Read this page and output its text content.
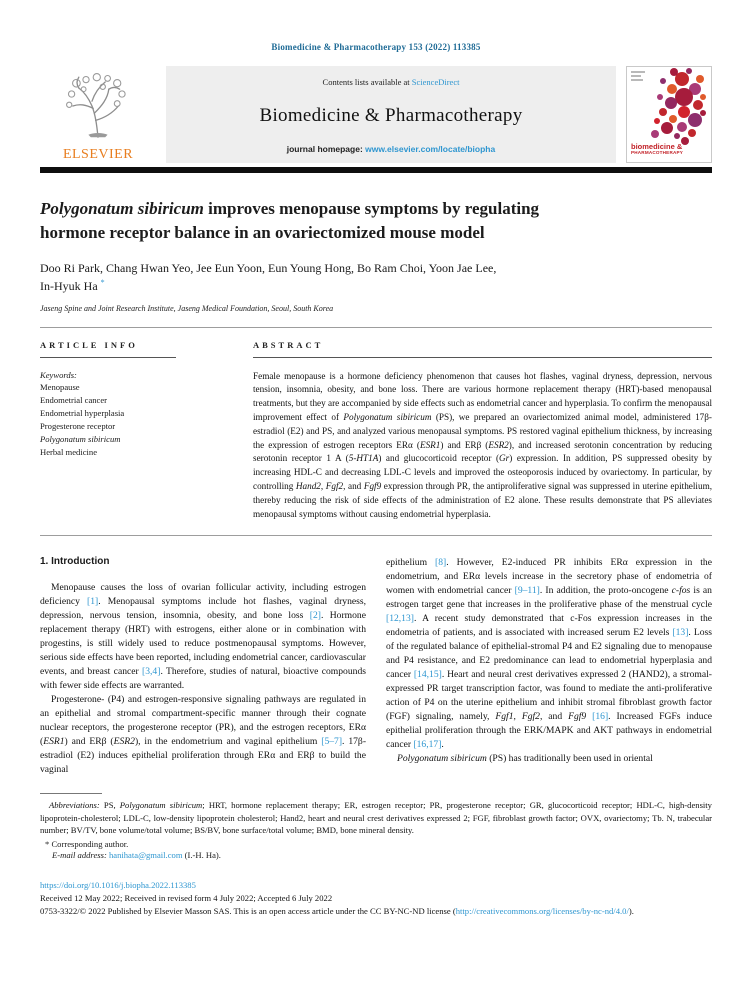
Biomedicine & Pharmacotherapy 153 (2022) 113385
ELSEVIER
Contents lists available at ScienceDirect
Biomedicine & Pharmacotherapy
journal homepage: www.elsevier.com/locate/biopha	biomedicine &
PHARMACOTHERAPY
Polygonatum sibiricum improves menopause symptoms by regulating
hormone receptor balance in an ovariectomized mouse model
Doo Ri Park, Chang Hwan Yeo, Jee Eun Yoon, Eun Young Hong, Bo Ram Choi, Yoon Jae Lee,
In-Hyuk Ha *
Jaseng Spine and Joint Research Institute, Jaseng Medical Foundation, Seoul, South Korea
ARTICLE INFO
Keywords:
Menopause
Endometrial cancer
Endometrial hyperplasia
Progesterone receptor
Polygonatum sibiricum
Herbal medicine
ABSTRACT

Female menopause is a hormone deficiency phenomenon that causes hot flashes, vaginal dryness, depression, nervous tension, insomnia, obesity, and bone loss. There are various hormone replacement therapy (HRT)-based menopausal treatments, but they are accompanied by side effects such as endometrial cancer and hyperplasia. To confirm the menopausal improvement effect of Polygonatum sibiricum (PS), we prepared an ovariectomized animal model, administered 17β-estradiol (E2) and PS, and analyzed various menopausal symptoms. PS restored vaginal epithelium thickness, by increasing the expression of estrogen receptors ERα (ESR1) and ERβ (ESR2), and increased serotonin concentration by reducing serotonin receptor 1 A (5-HT1A) and glucocorticoid receptor (Gr) expression. In addition, PS suppressed obesity by increasing HDL-C and decreasing LDL-C levels and improved the osteoporosis induced by ovariectomy. In particular, by controlling Hand2, Fgf2, and Fgf9 expression through PR, the antiproliferative signal was suppressed in uterine epithelium, thereby reducing the risk of side effects of the administration of E2 alone. These results demonstrate that PS alleviates menopausal symptoms without causing endometrial hyperplasia.

1. Introduction

Menopause causes the loss of ovarian follicular activity, including estrogen deficiency [1]. Menopausal symptoms include hot flashes, vaginal dryness, depression, nervous tension, insomnia, obesity, and bone loss [2]. Hormone replacement therapy (HRT) with estrogens, either alone or in combination with progestins, is still widely used to reduce postmenopausal symptoms. However, serious side effects have been reported, including endometrial cancer, cardiovascular events, and breast cancer [3,4]. Therefore, studies of natural, bioactive compounds with fewer side effects are warranted.

Progesterone- (P4) and estrogen-responsive signaling pathways are regulated in an epithelial and stromal compartment-specific manner through their cognate nuclear receptors, the progesterone receptor (PR), and the estrogen receptors, ERα (ESR1) and ERβ (ESR2), in the endometrium and vaginal epithelium [5–7]. 17β-estradiol (E2) induces epithelial proliferation through ERα and ERβ to build the vaginal

epithelium [8]. However, E2-induced PR inhibits ERα expression in the endometrium, and ERα levels increase in the secretory phase of endometria of women with endometrial cancer [9–11]. In addition, the proto-oncogene c-fos is an estrogen target gene that increases in the proliferative phase of the menstrual cycle [12,13]. A recent study demonstrated that c-Fos expression increases in the endometria of patients, and is associated with increased serum E2 levels [13]. Loss of the regulated balance of epithelial-stromal P4 and E2 signaling due to menopause and P4 resistance, and E2 predominance can lead to endometrial hyperplasia and cancer [14,15]. Heart and neural crest derivatives expressed 2 (HAND2), a stromal-expressed PR target transcription factor, was found to mediate the anti-proliferative action of P4 on the uterine epithelium and inhibit stromal fibroblast growth factor (FGF) signaling, namely, Fgf1, Fgf2, and Fgf9 [16]. Increased FGFs induce epithelial proliferation through the ERK/MAPK and AKT pathways in endometrial cancer [16,17].

Polygonatum sibiricum (PS) has traditionally been used in oriental

Abbreviations: PS, Polygonatum sibiricum; HRT, hormone replacement therapy; ER, estrogen receptor; PR, progesterone receptor; GR, glucocorticoid receptor; HDL-C, high-density lipoprotein-cholesterol; LDL-C, low-density lipoprotein cholesterol; Hand2, heart and neural crest derivatives expressed 2; FGF, fibroblast growth factor; OVX, ovariectomy; Tb. N, trabecular number; BV/TV, bone volume/total volume; BS/BV, bone surface/total volume; BMD, bone mineral density.

* Corresponding author.
E-mail address: hanihata@gmail.com (I.-H. Ha).
https://doi.org/10.1016/j.biopha.2022.113385
Received 12 May 2022; Received in revised form 4 July 2022; Accepted 6 July 2022
0753-3322/© 2022 Published by Elsevier Masson SAS. This is an open access article under the CC BY-NC-ND license (http://creativecommons.org/licenses/by-nc-nd/4.0/).
